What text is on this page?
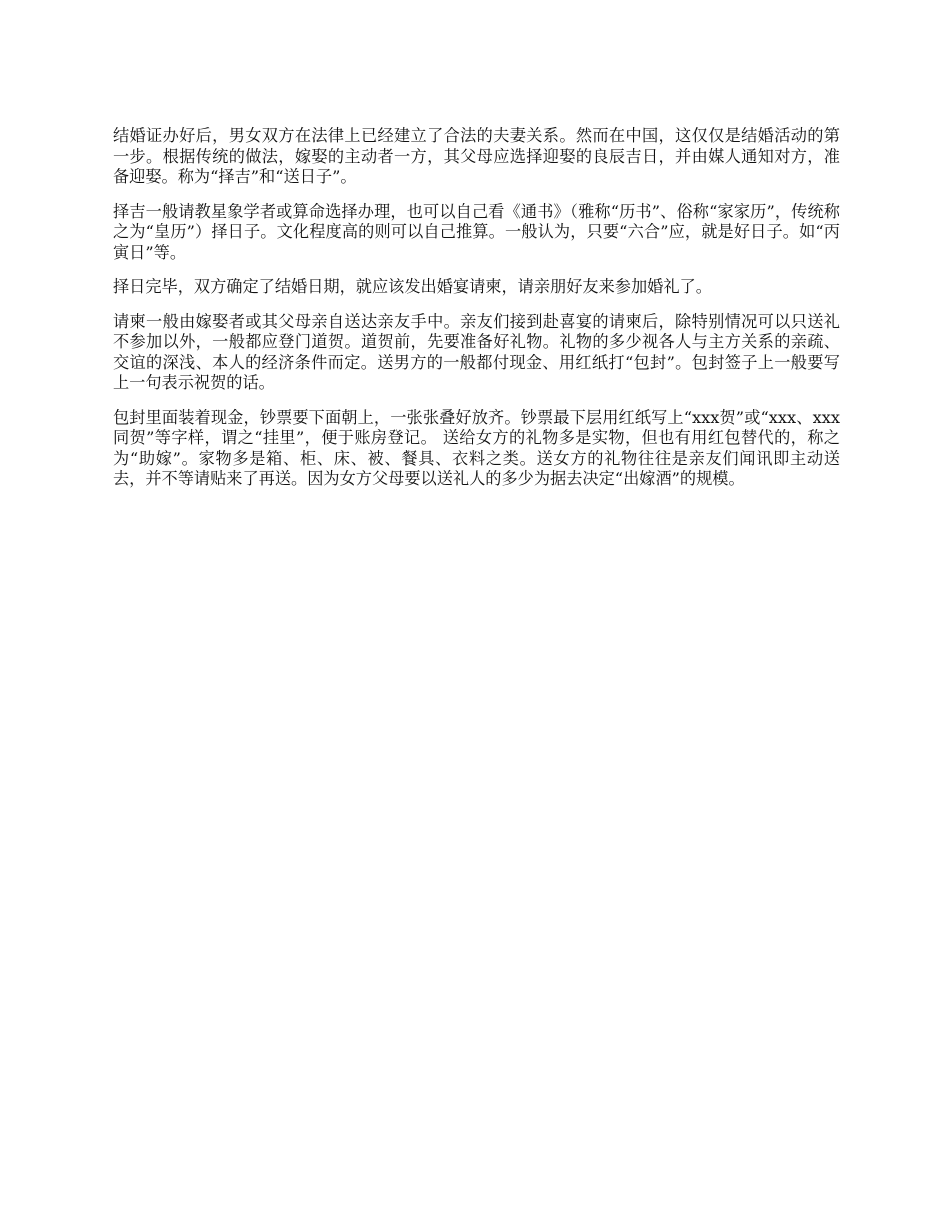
结婚证办好后，男女双方在法律上已经建立了合法的夫妻关系。然而在中国，这仅仅是结婚活动的第一步。根据传统的做法，嫁娶的主动者一方，其父母应选择迎娶的良辰吉日，并由媒人通知对方，准备迎娶。称为“择吉”和“送日子”。

择吉一般请教星象学者或算命选择办理，也可以自己看《通书》（雅称“历书”、俗称“家家历”，传统称之为“皇历”）择日子。文化程度高的则可以自己推算。一般认为，只要“六合”应，就是好日子。如“丙寅日”等。

择日完毕，双方确定了结婚日期，就应该发出婚宴请柬，请亲朋好友来参加婚礼了。

请柬一般由嫁娶者或其父母亲自送达亲友手中。亲友们接到赴喜宴的请柬后，除特别情况可以只送礼不参加以外，一般都应登门道贺。道贺前，先要准备好礼物。礼物的多少视各人与主方关系的亲疏、交谊的深浅、本人的经济条件而定。送男方的一般都付现金、用红纸打“包封”。包封签子上一般要写上一句表示祝贺的话。

包封里面装着现金，钞票要下面朝上，一张张叠好放齐。钞票最下层用红纸写上“xxx贺”或“xxx、xxx 同贺”等字样，谓之“挂里”，便于账房登记。 送给女方的礼物多是实物，但也有用红包替代的，称之为“助嫁”。家物多是箱、柜、床、被、餐具、衣料之类。送女方的礼物往往是亲友们闻讯即主动送去，并不等请贴来了再送。因为女方父母要以送礼人的多少为据去决定“出嫁酒”的规模。
